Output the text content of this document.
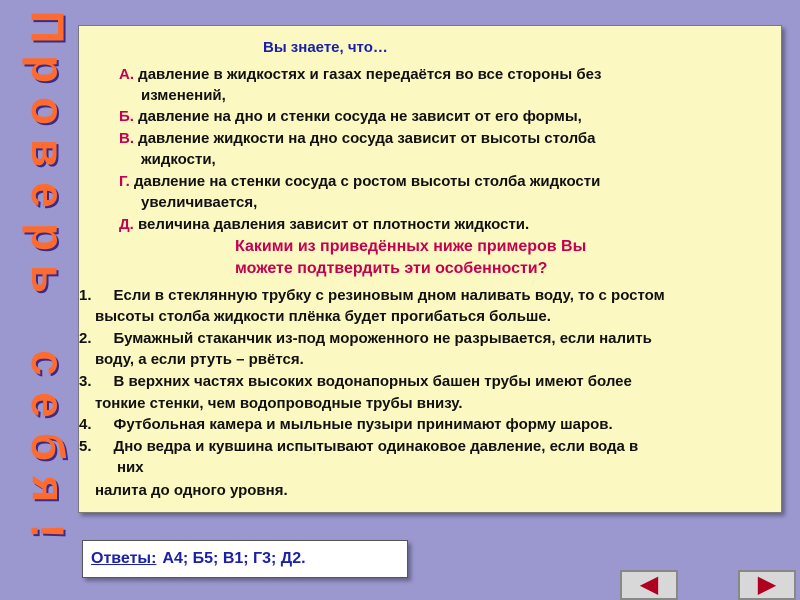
П
р
о
в
е
р
ь
с
е
б
я
!
Вы знаете, что…
А. давление в жидкостях и газах передаётся во все стороны без
изменений,
Б. давление на дно и стенки сосуда не зависит от его формы,
В. давление жидкости на дно сосуда зависит от высоты столба
жидкости,
Г. давление на стенки сосуда с ростом высоты столба жидкости
увеличивается,
Д. величина давления зависит от плотности жидкости.
Какими из приведённых ниже примеров Вы
можете подтвердить эти особенности?
1. Если в стеклянную трубку с резиновым дном наливать воду, то с ростом
высоты столба жидкости плёнка будет прогибаться больше.
2. Бумажный стаканчик из-под мороженного не разрывается, если налить
воду, а если ртуть – рвётся.
3. В верхних частях высоких водонапорных башен трубы имеют более
тонкие стенки, чем водопроводные трубы внизу.
4. Футбольная камера и мыльные пузыри принимают форму шаров.
5. Дно ведра и кувшина испытывают одинаковое давление, если вода в
них
налита до одного уровня.
Ответы: А4; Б5; В1; Г3; Д2.
◀	▶
